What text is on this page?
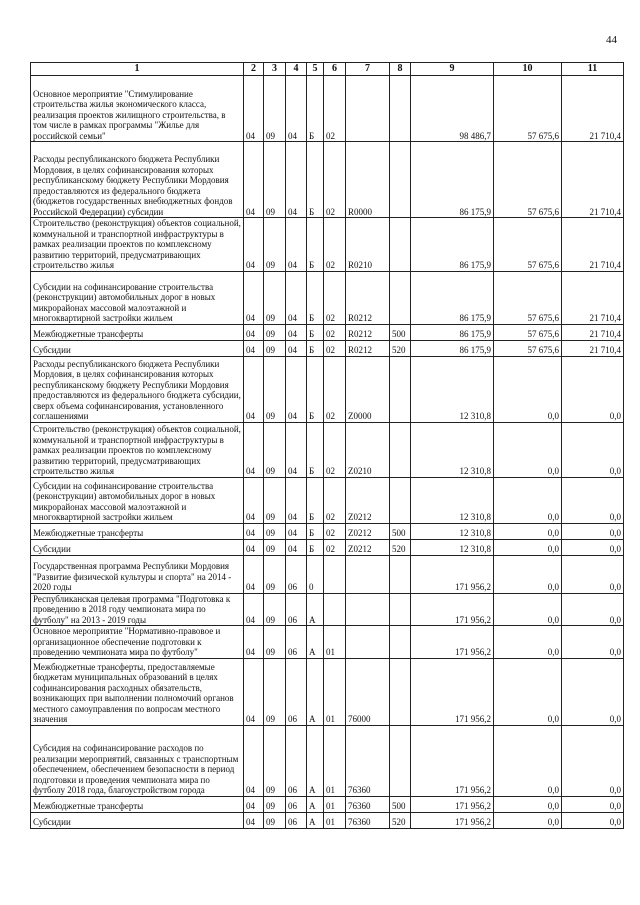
44
1	2	3	4	5	6	7	8	9	10	11
Основное мероприятие "Стимулирование строительства жилья экономического класса, реализация проектов жилищного строительства, в том числе в рамках программы "Жилье для российской семьи"	04	09	04	Б	02			98 486,7	57 675,6	21 710,4
Расходы республиканского бюджета Республики Мордовия, в целях софинансирования которых республиканскому бюджету Республики Мордовия предоставляются из федерального бюджета (бюджетов государственных внебюджетных фондов Российской Федерации) субсидии	04	09	04	Б	02	R0000		86 175,9	57 675,6	21 710,4
Строительство (реконструкция) объектов социальной, коммунальной и транспортной инфраструктуры в рамках реализации проектов по комплексному развитию территорий, предусматривающих строительство жилья	04	09	04	Б	02	R0210		86 175,9	57 675,6	21 710,4
Субсидии на софинансирование строительства (реконструкции) автомобильных дорог в новых микрорайонах массовой малоэтажной и многоквартирной застройки жильем	04	09	04	Б	02	R0212		86 175,9	57 675,6	21 710,4
Межбюджетные трансферты	04	09	04	Б	02	R0212	500	86 175,9	57 675,6	21 710,4
Субсидии	04	09	04	Б	02	R0212	520	86 175,9	57 675,6	21 710,4
Расходы республиканского бюджета Республики Мордовия, в целях софинансирования которых республиканскому бюджету Республики Мордовия предоставляются из федерального бюджета субсидии, сверх объема софинансирования, установленного соглашениями	04	09	04	Б	02	Z0000		12 310,8	0,0	0,0
Строительство (реконструкция) объектов социальной, коммунальной и транспортной инфраструктуры в рамках реализации проектов по комплексному развитию территорий, предусматривающих строительство жилья	04	09	04	Б	02	Z0210		12 310,8	0,0	0,0
Субсидии на софинансирование строительства (реконструкции) автомобильных дорог в новых микрорайонах массовой малоэтажной и многоквартирной застройки жильем	04	09	04	Б	02	Z0212		12 310,8	0,0	0,0
Межбюджетные трансферты	04	09	04	Б	02	Z0212	500	12 310,8	0,0	0,0
Субсидии	04	09	04	Б	02	Z0212	520	12 310,8	0,0	0,0
Государственная программа Республики Мордовия "Развитие физической культуры и спорта" на 2014 - 2020 годы	04	09	06	0				171 956,2	0,0	0,0
Республиканская целевая программа "Подготовка к проведению в 2018 году чемпионата мира по футболу" на 2013 - 2019 годы	04	09	06	А				171 956,2	0,0	0,0
Основное мероприятие "Нормативно-правовое и организационное обеспечение подготовки к проведению чемпионата мира по футболу"	04	09	06	А	01			171 956,2	0,0	0,0
Межбюджетные трансферты, предоставляемые бюджетам муниципальных образований в целях софинансирования расходных обязательств, возникающих при выполнении полномочий органов местного самоуправления по вопросам местного значения	04	09	06	А	01	76000		171 956,2	0,0	0,0
Субсидия на софинансирование расходов по реализации мероприятий, связанных с транспортным обеспечением, обеспечением безопасности в период подготовки и проведения чемпионата мира по футболу 2018 года, благоустройством города	04	09	06	А	01	76360		171 956,2	0,0	0,0
Межбюджетные трансферты	04	09	06	А	01	76360	500	171 956,2	0,0	0,0
Субсидии	04	09	06	А	01	76360	520	171 956,2	0,0	0,0
